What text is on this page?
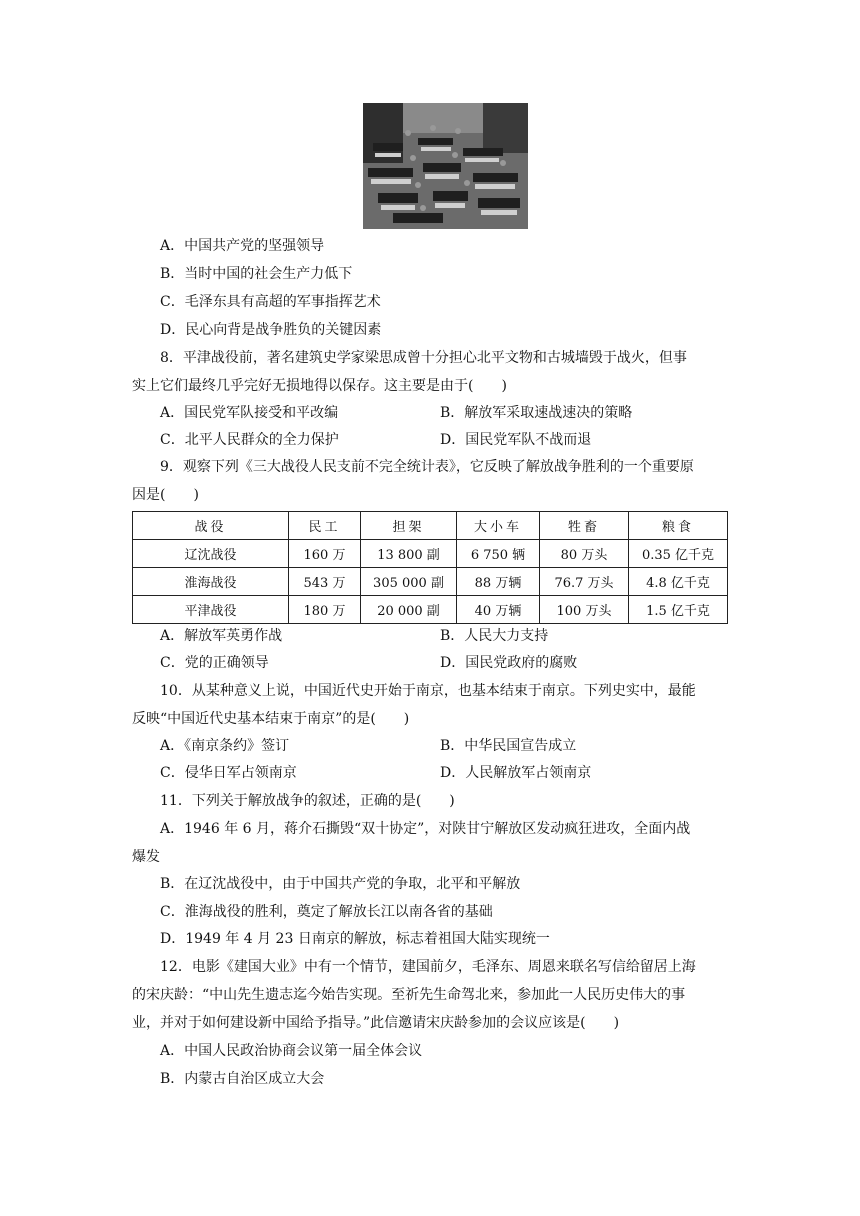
A．中国共产党的坚强领导
B．当时中国的社会生产力低下
C．毛泽东具有高超的军事指挥艺术
D．民心向背是战争胜负的关键因素
8．平津战役前，著名建筑史学家梁思成曾十分担心北平文物和古城墙毁于战火，但事
实上它们最终几乎完好无损地得以保存。这主要是由于(　　)
A．国民党军队接受和平改编	B．解放军采取速战速决的策略
C．北平人民群众的全力保护	D．国民党军队不战而退
9．观察下列《三大战役人民支前不完全统计表》，它反映了解放战争胜利的一个重要原
因是(　　)
战役	民工	担架	大小车	牲畜	粮食
辽沈战役	160 万	13 800 副	6 750 辆	80 万头	0.35 亿千克
淮海战役	543 万	305 000 副	88 万辆	76.7 万头	4.8 亿千克
平津战役	180 万	20 000 副	40 万辆	100 万头	1.5 亿千克
A．解放军英勇作战	B．人民大力支持
C．党的正确领导	D．国民党政府的腐败
10．从某种意义上说，中国近代史开始于南京，也基本结束于南京。下列史实中，最能
反映“中国近代史基本结束于南京”的是(　　)
A．《南京条约》签订	B．中华民国宣告成立
C．侵华日军占领南京	D．人民解放军占领南京
11．下列关于解放战争的叙述，正确的是(　　)
A．1946 年 6 月，蒋介石撕毁“双十协定”，对陕甘宁解放区发动疯狂进攻，全面内战
爆发
B．在辽沈战役中，由于中国共产党的争取，北平和平解放
C．淮海战役的胜利，奠定了解放长江以南各省的基础
D．1949 年 4 月 23 日南京的解放，标志着祖国大陆实现统一
12．电影《建国大业》中有一个情节，建国前夕，毛泽东、周恩来联名写信给留居上海
的宋庆龄：“中山先生遗志迄今始告实现。至祈先生命驾北来，参加此一人民历史伟大的事
业，并对于如何建设新中国给予指导。”此信邀请宋庆龄参加的会议应该是(　　)
A．中国人民政治协商会议第一届全体会议
B．内蒙古自治区成立大会
